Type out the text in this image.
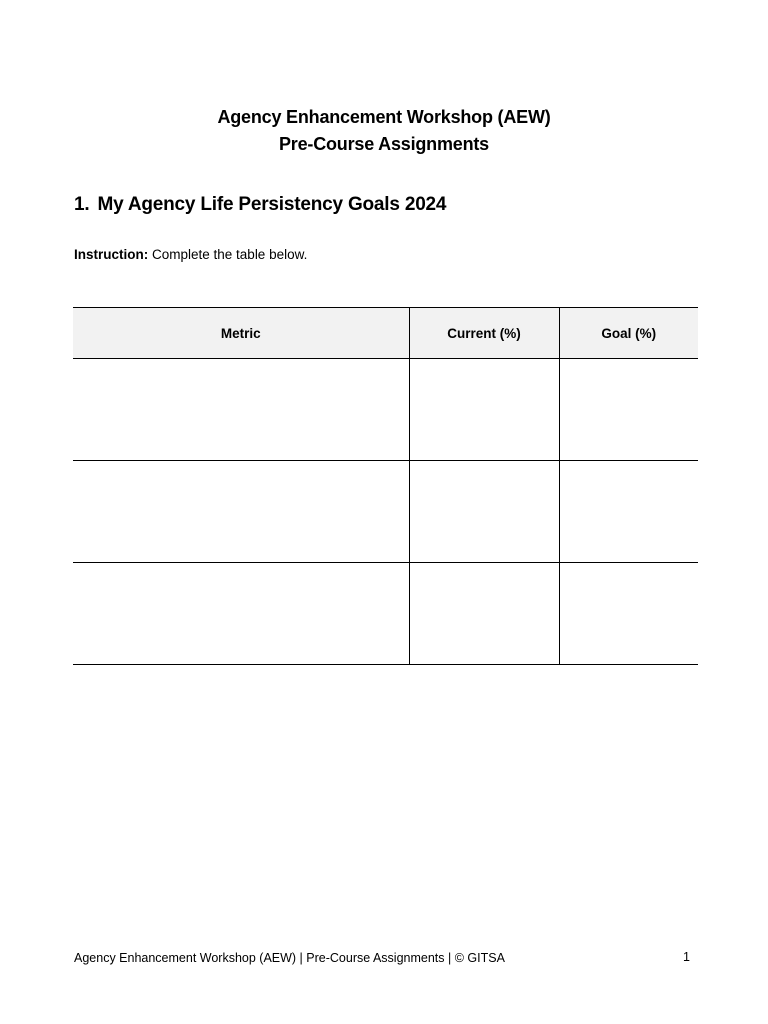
Agency Enhancement Workshop (AEW)
Pre-Course Assignments
1. My Agency Life Persistency Goals 2024
Instruction: Complete the table below.
Metric	Current (%)	Goal (%)

Agency Enhancement Workshop (AEW) | Pre-Course Assignments | © GITSA	1
